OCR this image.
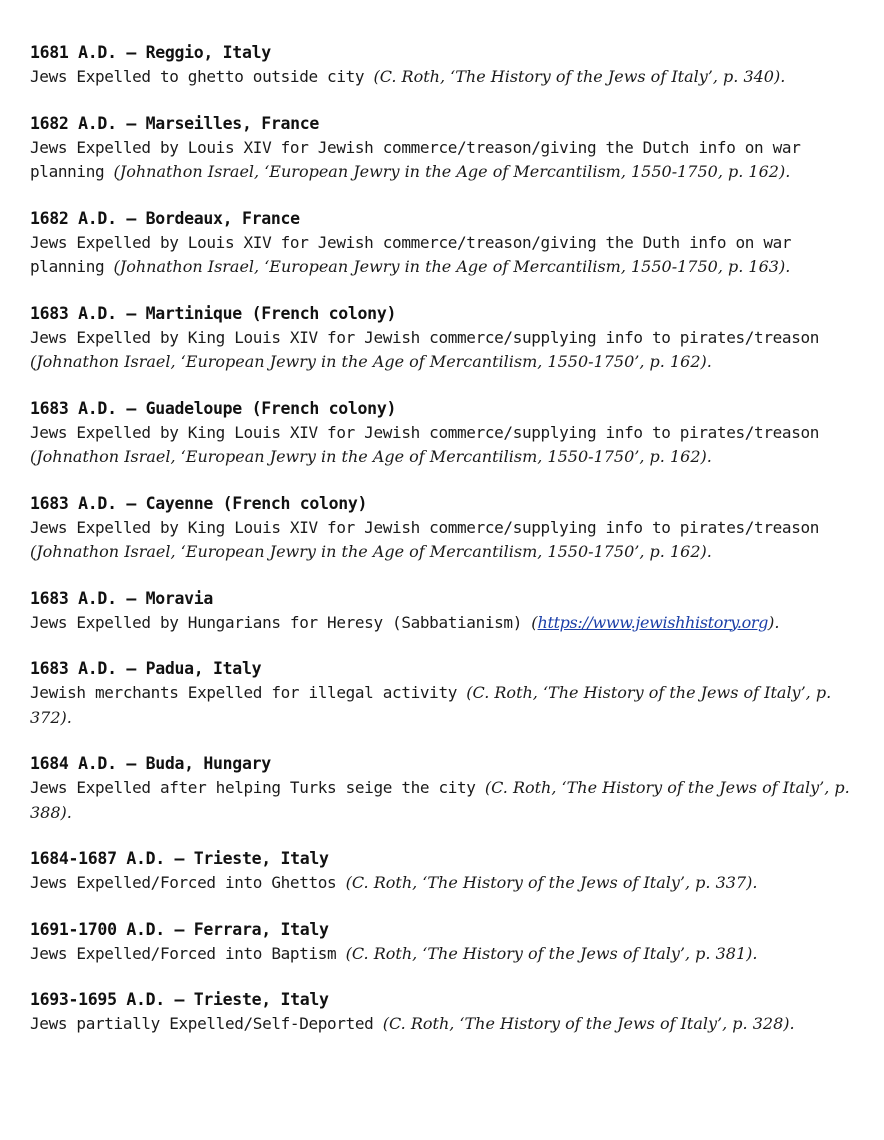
1681 A.D. – Reggio, Italy
Jews Expelled to ghetto outside city (C. Roth, ‘The History of the Jews of Italy’, p. 340).
1682 A.D. – Marseilles, France
Jews Expelled by Louis XIV for Jewish commerce/treason/giving the Dutch info on war planning (Johnathon Israel, ‘European Jewry in the Age of Mercantilism, 1550-1750, p. 162).
1682 A.D. – Bordeaux, France
Jews Expelled by Louis XIV for Jewish commerce/treason/giving the Duth info on war planning (Johnathon Israel, ‘European Jewry in the Age of Mercantilism, 1550-1750, p. 163).
1683 A.D. – Martinique (French colony)
Jews Expelled by King Louis XIV for Jewish commerce/supplying info to pirates/treason (Johnathon Israel, ‘European Jewry in the Age of Mercantilism, 1550-1750’, p. 162).
1683 A.D. – Guadeloupe (French colony)
Jews Expelled by King Louis XIV for Jewish commerce/supplying info to pirates/treason (Johnathon Israel, ‘European Jewry in the Age of Mercantilism, 1550-1750’, p. 162).
1683 A.D. – Cayenne (French colony)
Jews Expelled by King Louis XIV for Jewish commerce/supplying info to pirates/treason (Johnathon Israel, ‘European Jewry in the Age of Mercantilism, 1550-1750’, p. 162).
1683 A.D. – Moravia
Jews Expelled by Hungarians for Heresy (Sabbatianism) (https://www.jewishhistory.org).
1683 A.D. – Padua, Italy
Jewish merchants Expelled for illegal activity (C. Roth, ‘The History of the Jews of Italy’, p. 372).
1684 A.D. – Buda, Hungary
Jews Expelled after helping Turks seige the city (C. Roth, ‘The History of the Jews of Italy’, p. 388).
1684-1687 A.D. – Trieste, Italy
Jews Expelled/Forced into Ghettos (C. Roth, ‘The History of the Jews of Italy’, p. 337).
1691-1700 A.D. – Ferrara, Italy
Jews Expelled/Forced into Baptism (C. Roth, ‘The History of the Jews of Italy’, p. 381).
1693-1695 A.D. – Trieste, Italy
Jews partially Expelled/Self-Deported (C. Roth, ‘The History of the Jews of Italy’, p. 328).
